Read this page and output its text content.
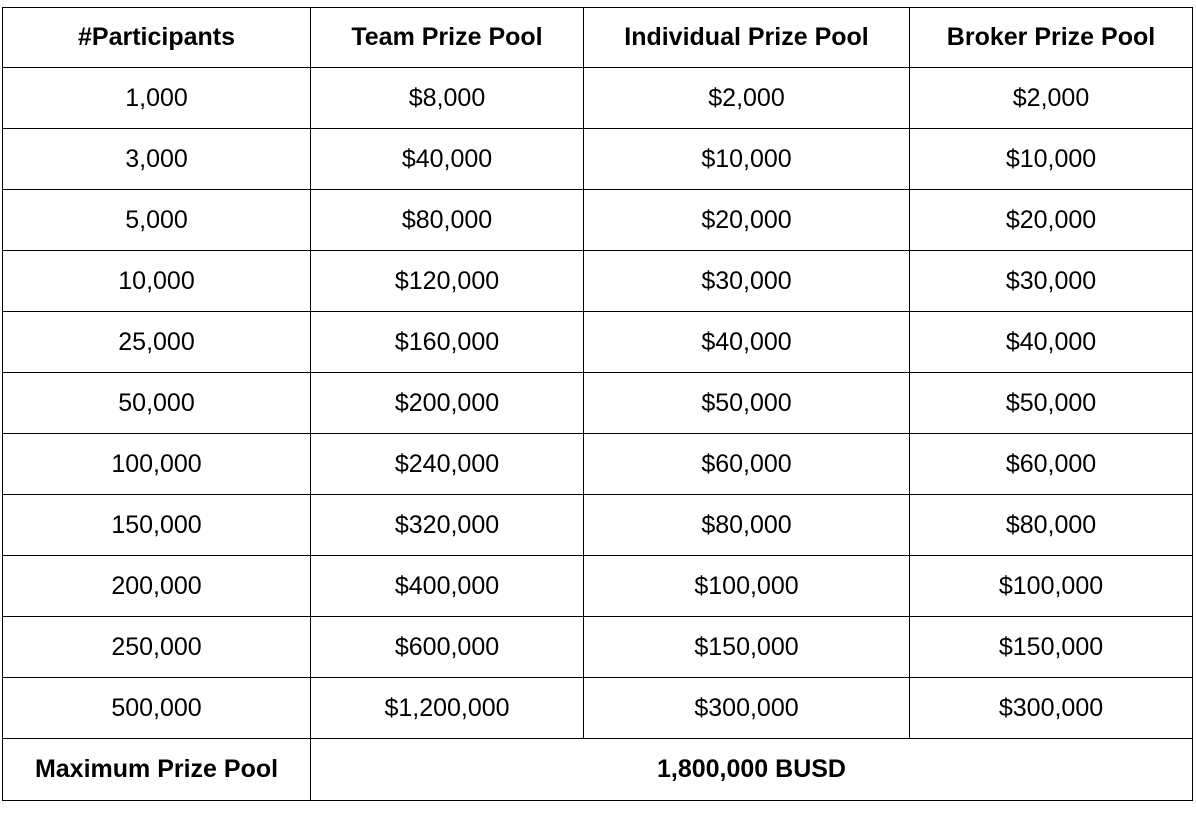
#Participants	Team Prize Pool	Individual Prize Pool	Broker Prize Pool
1,000	$8,000	$2,000	$2,000
3,000	$40,000	$10,000	$10,000
5,000	$80,000	$20,000	$20,000
10,000	$120,000	$30,000	$30,000
25,000	$160,000	$40,000	$40,000
50,000	$200,000	$50,000	$50,000
100,000	$240,000	$60,000	$60,000
150,000	$320,000	$80,000	$80,000
200,000	$400,000	$100,000	$100,000
250,000	$600,000	$150,000	$150,000
500,000	$1,200,000	$300,000	$300,000
Maximum Prize Pool	1,800,000 BUSD		
